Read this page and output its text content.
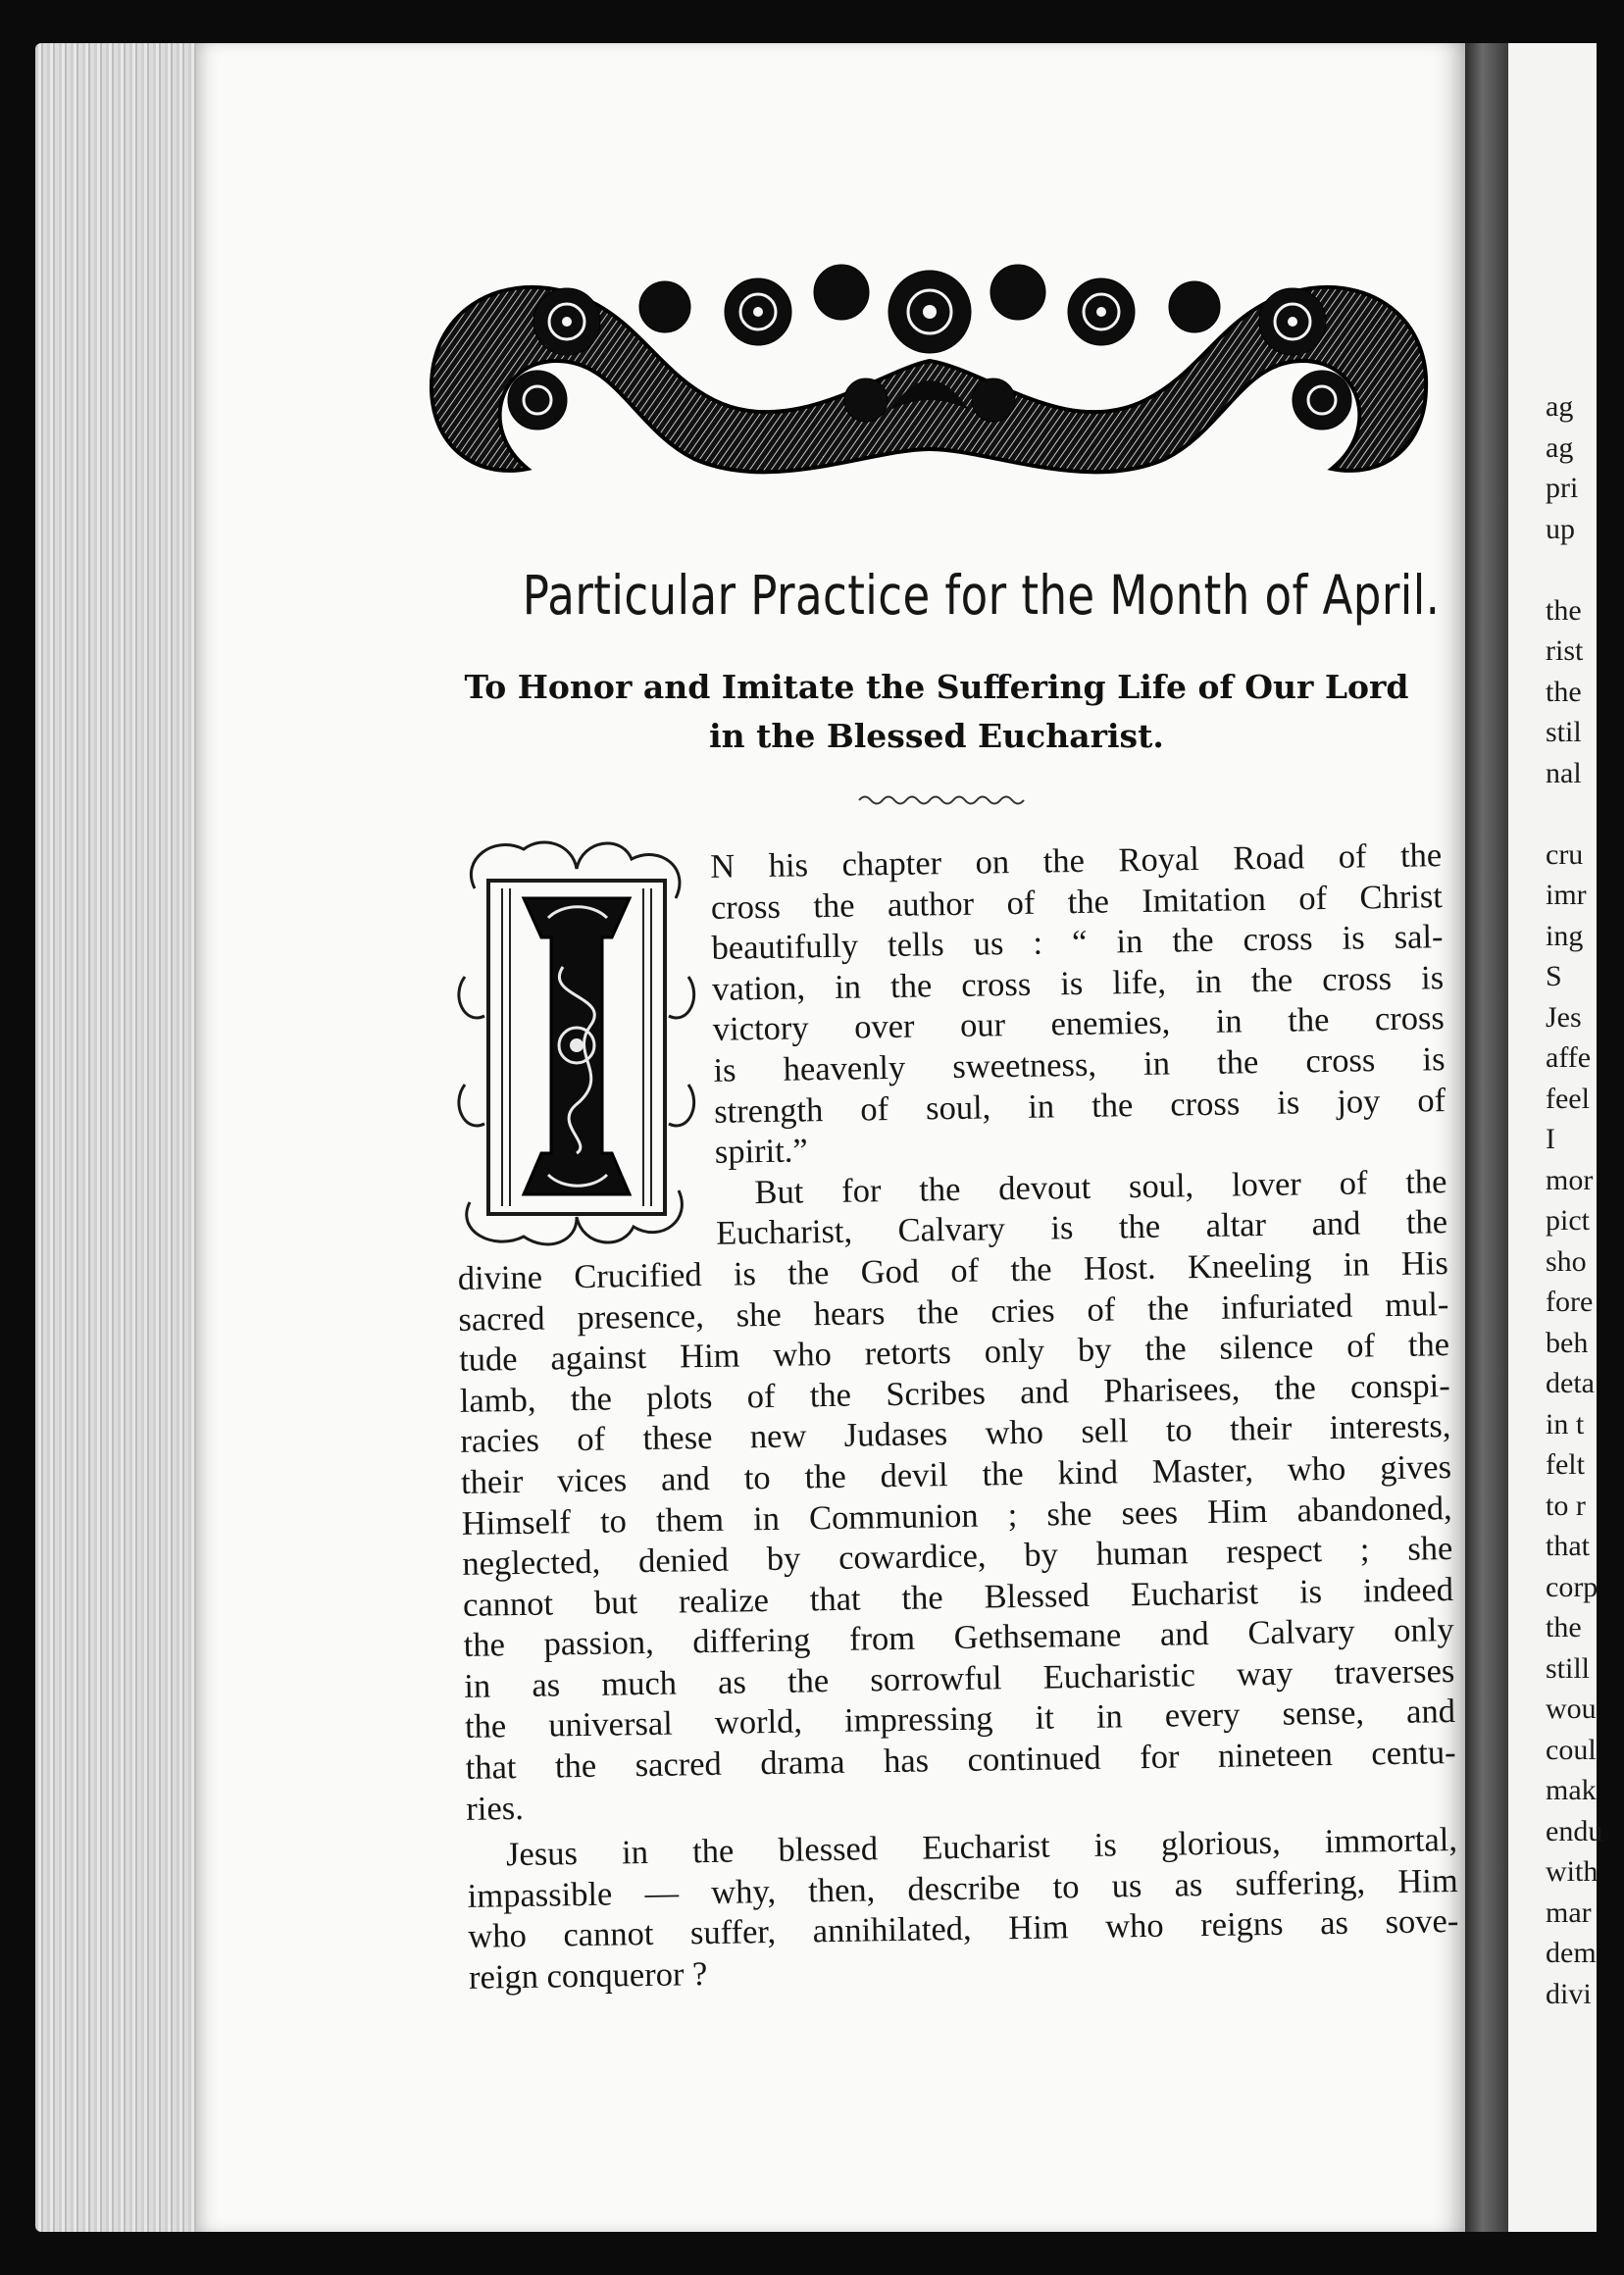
ag
ag
pri
up

the
rist
the
stil
nal

cru
imr
ing
S
Jes
affe
feel
I
mor
pict
sho
fore
beh
deta
in t
felt
to r
that
corp
the
still
wou
coul
mak
endu
with
mar
dem
divi
Particular Practice for the Month of April.
To Honor and Imitate the Suffering Life of Our Lord
in the Blessed Eucharist.
N his chapter on the Royal Road of the
cross the author of the Imitation of Christ
beautifully tells us : “ in the cross is sal-
vation, in the cross is life, in the cross is
victory over our enemies, in the cross
is heavenly sweetness, in the cross is
strength of soul, in the cross is joy of
spirit.”
But for the devout soul, lover of the
Eucharist, Calvary is the altar and the
divine Crucified is the God of the Host. Kneeling in His
sacred presence, she hears the cries of the infuriated mul-
tude against Him who retorts only by the silence of the
lamb, the plots of the Scribes and Pharisees, the conspi-
racies of these new Judases who sell to their interests,
their vices and to the devil the kind Master, who gives
Himself to them in Communion ; she sees Him abandoned,
neglected, denied by cowardice, by human respect ; she
cannot but realize that the Blessed Eucharist is indeed
the passion, differing from Gethsemane and Calvary only
in as much as the sorrowful Eucharistic way traverses
the universal world, impressing it in every sense, and
that the sacred drama has continued for nineteen centu-
ries.
Jesus in the blessed Eucharist is glorious, immortal,
impassible — why, then, describe to us as suffering, Him
who cannot suffer, annihilated, Him who reigns as sove-
reign conqueror ?
